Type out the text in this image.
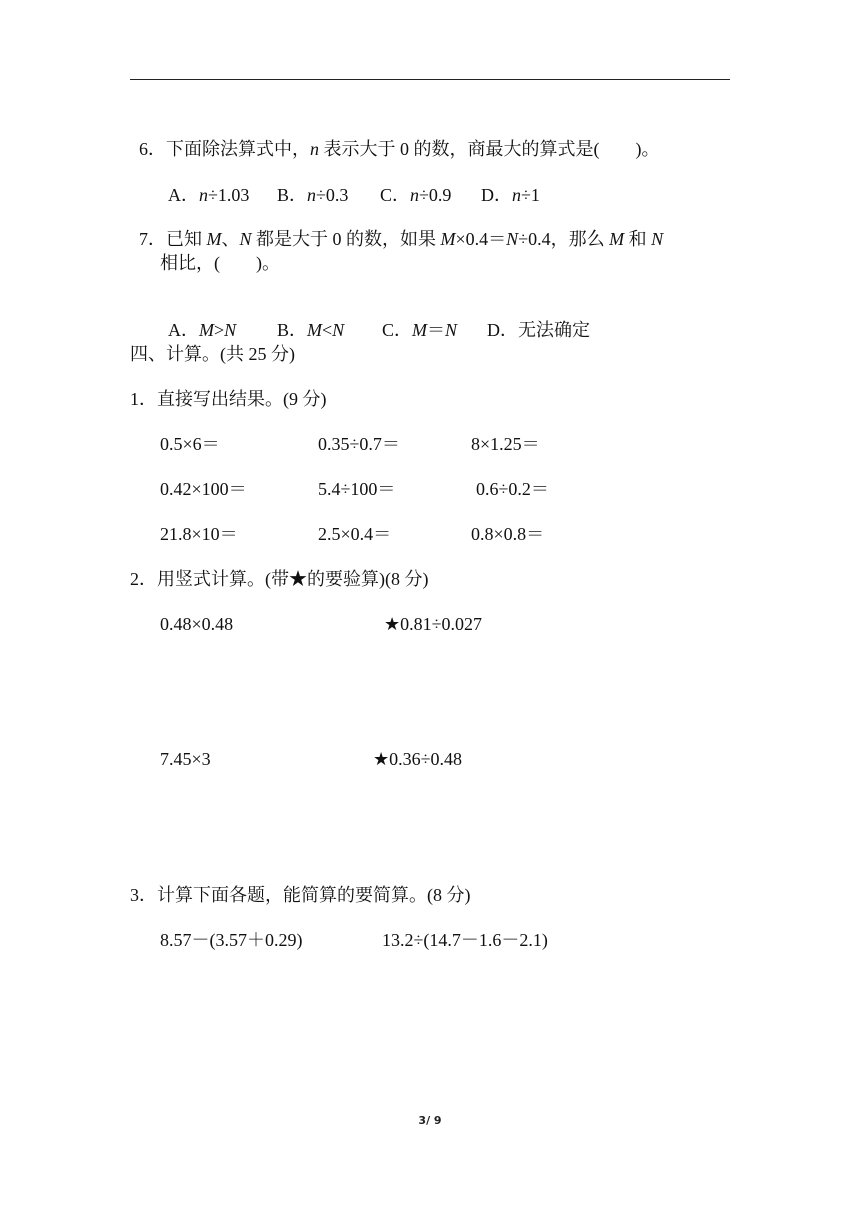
6．下面除法算式中，n 表示大于 0 的数，商最大的算式是(        )。

A．n÷1.03	B．n÷0.3	C．n÷0.9	D．n÷1

7．已知 M、N 都是大于 0 的数，如果 M×0.4＝N÷0.4，那么 M 和 N

相比，(        )。

A．M>N	B．M<N	C．M＝N	D．无法确定

四、计算。(共 25 分)
1．直接写出结果。(9 分)
0.5×6＝	0.35÷0.7＝	8×1.25＝
0.42×100＝	5.4÷100＝	0.6÷0.2＝
21.8×10＝	2.5×0.4＝	0.8×0.8＝
2．用竖式计算。(带★的要验算)(8 分)
0.48×0.48	★0.81÷0.027
7.45×3	★0.36÷0.48
3．计算下面各题，能简算的要简算。(8 分)
8.57－(3.57＋0.29)	13.2÷(14.7－1.6－2.1)
3/ 9
